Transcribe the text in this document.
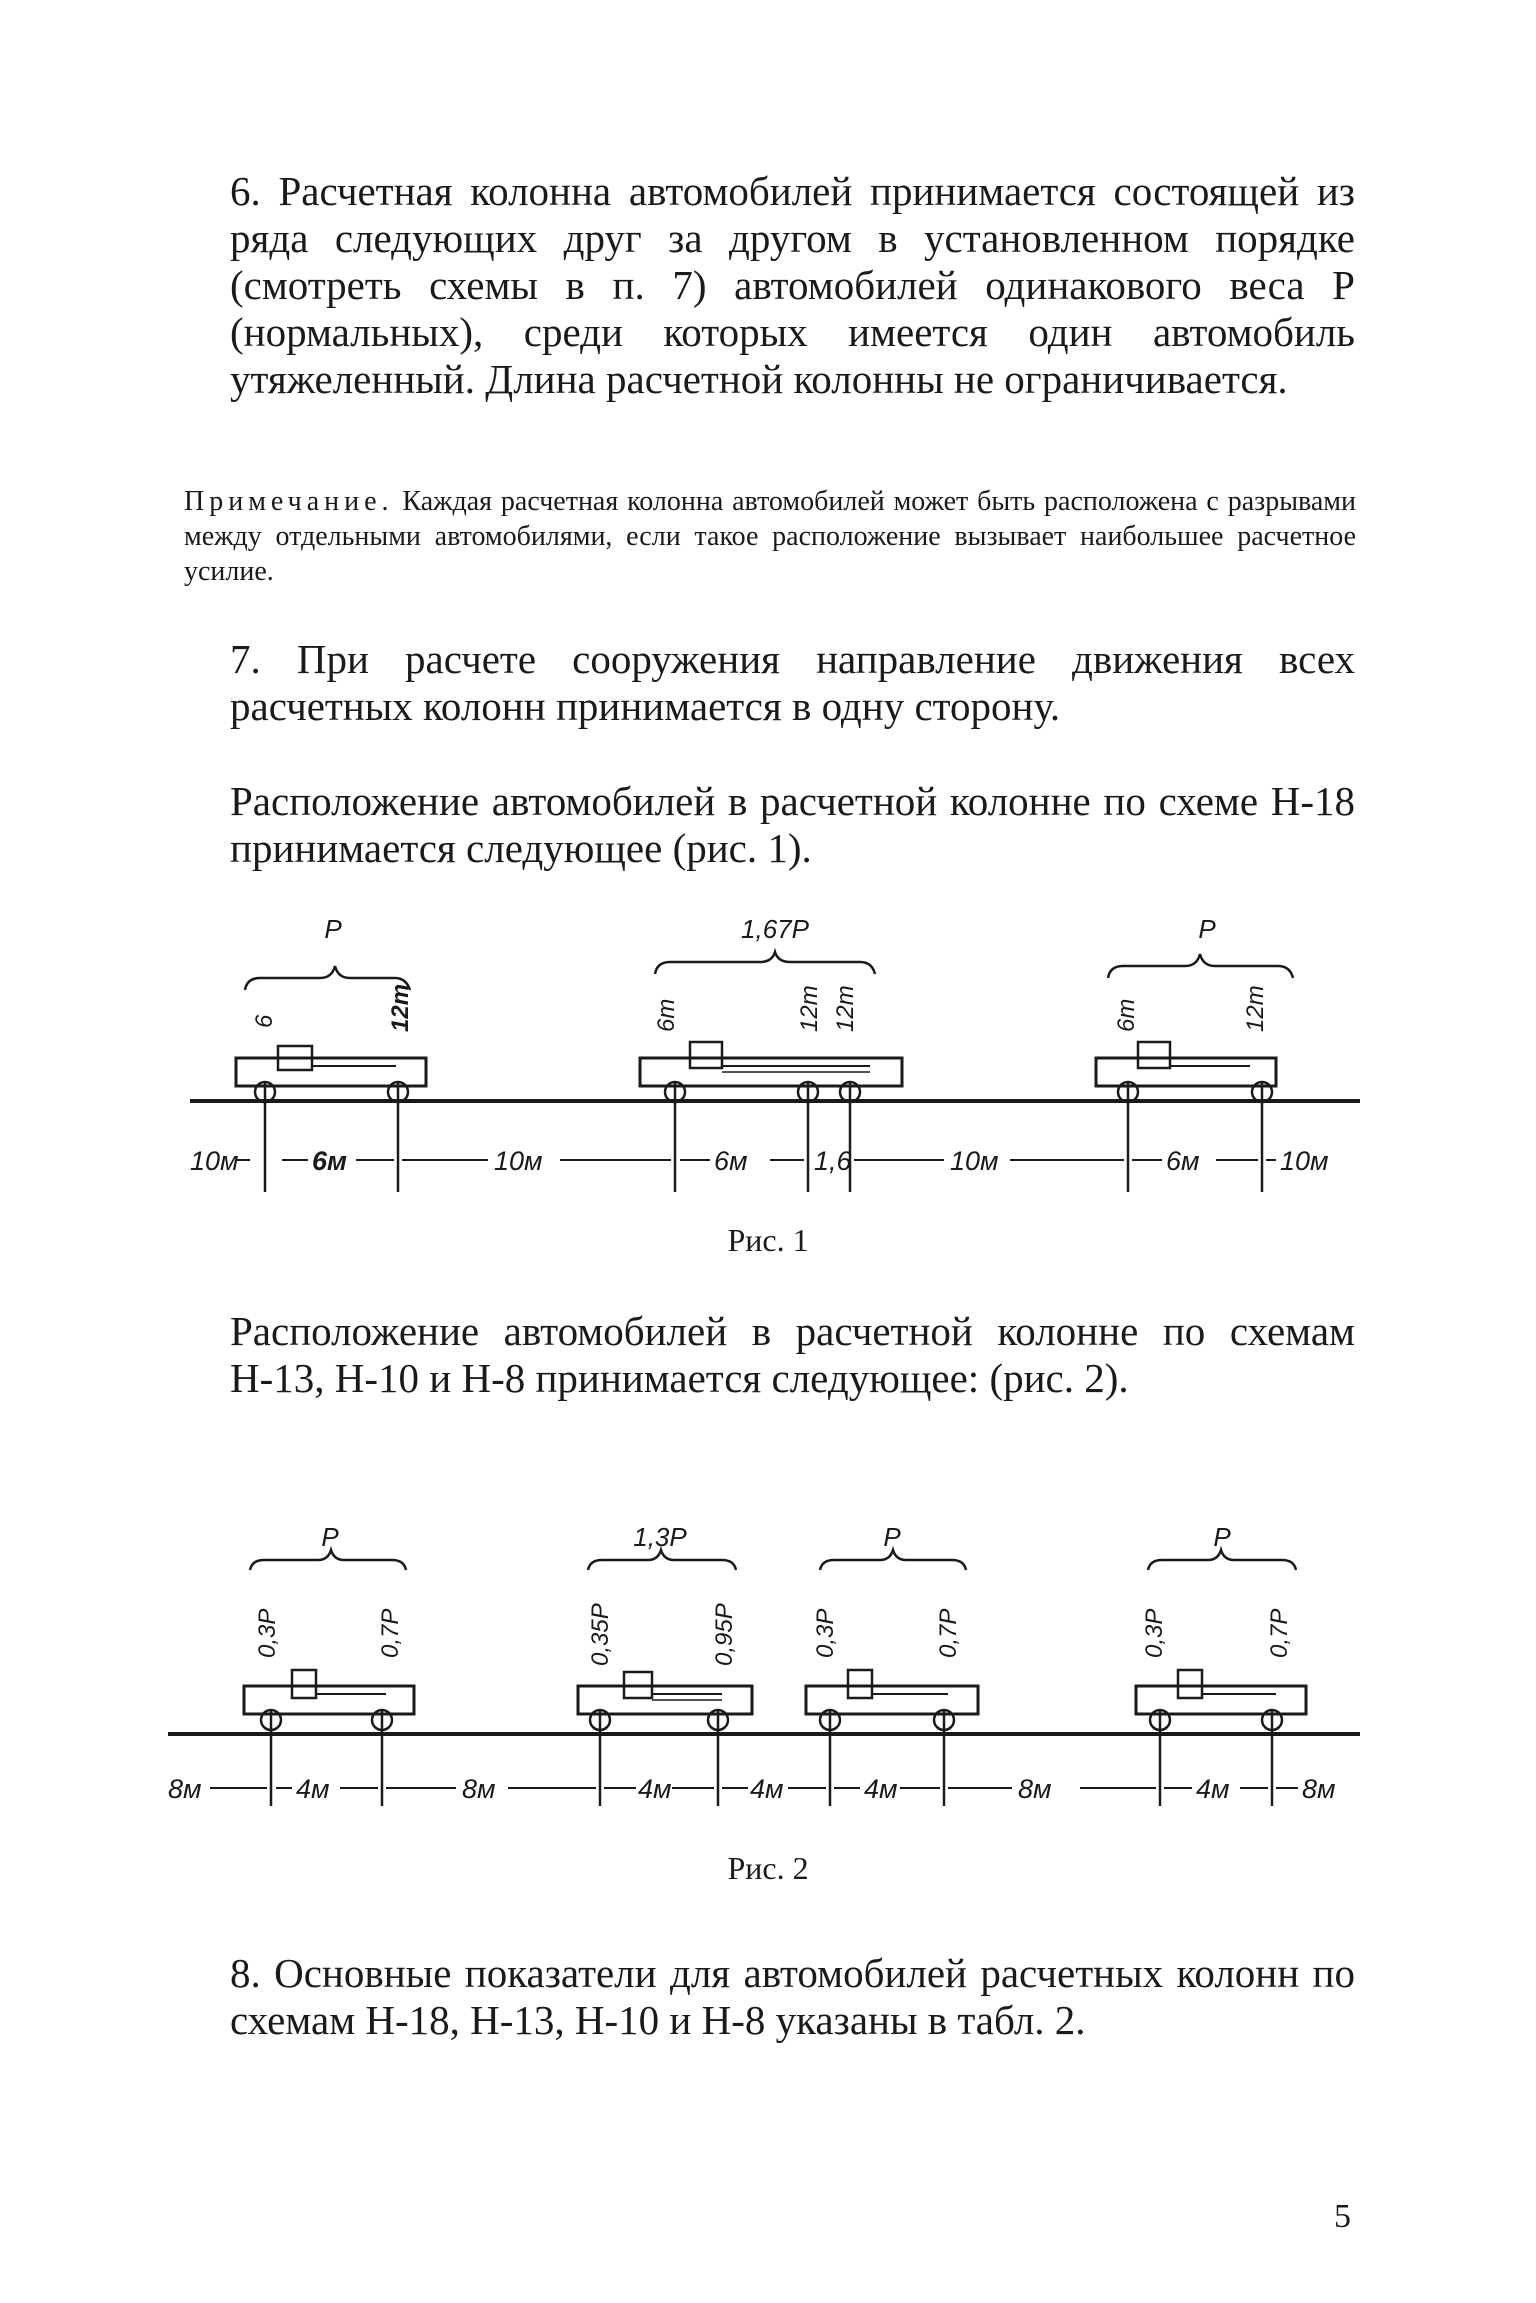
6. Расчетная колонна автомобилей принимается состоящей из ряда следующих друг за другом в установленном порядке (смотреть схемы в п. 7) автомобилей одинакового веса P (нормальных), среди которых имеется один автомобиль утяжеленный. Длина расчетной колонны не ограничивается.
Примечание. Каждая расчетная колонна автомобилей может быть расположена с разрывами между отдельными автомобилями, если такое расположение вызывает наибольшее расчетное усилие.
7. При расчете сооружения направление движения всех расчетных колонн принимается в одну сторону.
Расположение автомобилей в расчетной колонне по схеме Н-18 принимается следующее (рис. 1).
P
6	12т
1,67P
6т	12т 12т
P
6т	12т
10м	6м	10м	6м 1,6	10м	6м	10м
Рис. 1
Расположение автомобилей в расчетной колонне по схемам Н-13, Н-10 и Н-8 принимается следующее: (рис. 2).
P
0,3P	0,7P
1,3P
0,35P	0,95P
P
0,3P	0,7P
P
0,3P	0,7P
8м	4м	8м	4м	4м	4м	8м	4м	8м
Рис. 2
8. Основные показатели для автомобилей расчетных колонн по схемам Н-18, Н-13, Н-10 и Н-8 указаны в табл. 2.
5
